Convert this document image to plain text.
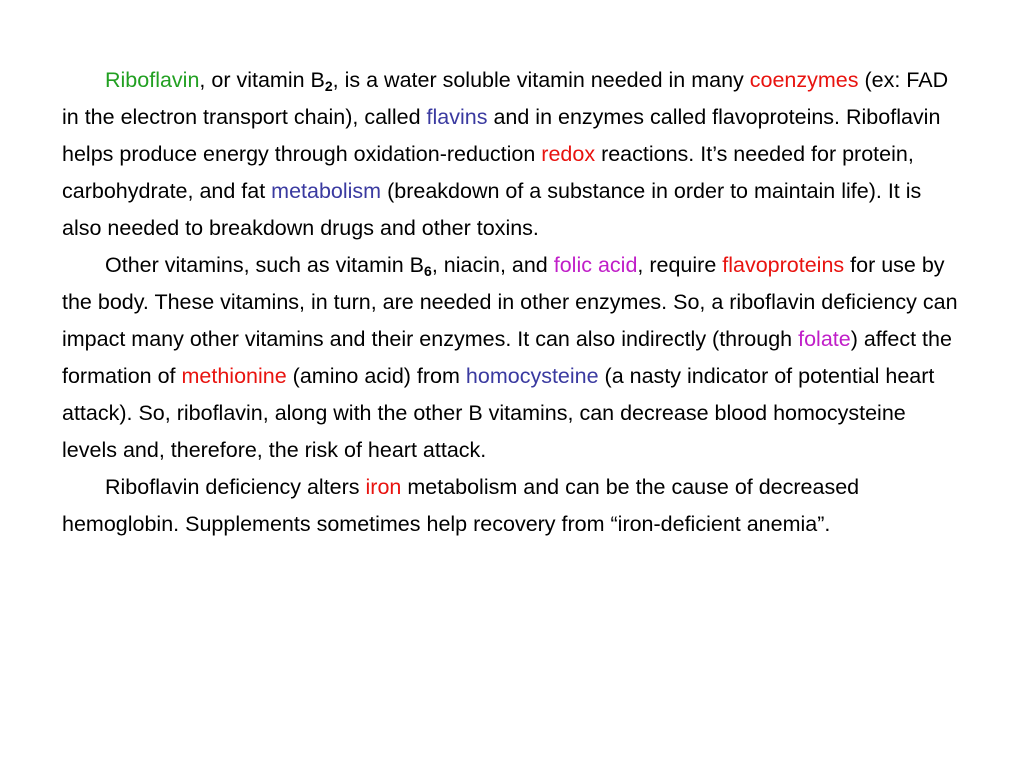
Riboflavin, or vitamin $B_2$, is a water soluble vitamin needed in many coenzymes (ex: FAD in the electron transport chain), called flavins and in enzymes called flavoproteins. Riboflavin helps produce energy through oxidation-reduction redox reactions. It’s needed for protein, carbohydrate, and fat metabolism (breakdown of a substance in order to maintain life). It is also needed to breakdown drugs and other toxins.

Other vitamins, such as vitamin $B_6$, niacin, and folic acid, require flavoproteins for use by the body. These vitamins, in turn, are needed in other enzymes. So, a riboflavin deficiency can impact many other vitamins and their enzymes. It can also indirectly (through folate) affect the formation of methionine (amino acid) from homocysteine (a nasty indicator of potential heart attack). So, riboflavin, along with the other B vitamins, can decrease blood homocysteine levels and, therefore, the risk of heart attack.

Riboflavin deficiency alters iron metabolism and can be the cause of decreased hemoglobin. Supplements sometimes help recovery from “iron-deficient anemia”.
